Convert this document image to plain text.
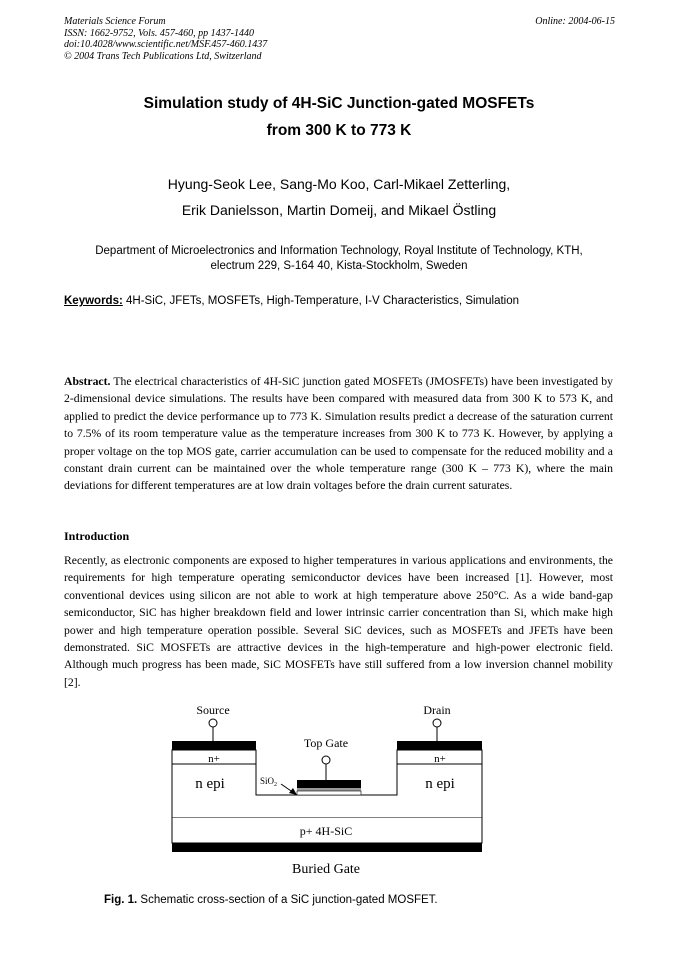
Materials Science Forum
ISSN: 1662-9752, Vols. 457-460, pp 1437-1440
doi:10.4028/www.scientific.net/MSF.457-460.1437
© 2004 Trans Tech Publications Ltd, Switzerland
Online: 2004-06-15
Simulation study of 4H-SiC Junction-gated MOSFETs
from 300 K to 773 K
Hyung-Seok Lee, Sang-Mo Koo, Carl-Mikael Zetterling,
Erik Danielsson, Martin Domeij, and Mikael Östling
Department of Microelectronics and Information Technology, Royal Institute of Technology, KTH,
electrum 229, S-164 40, Kista-Stockholm, Sweden
Keywords: 4H-SiC, JFETs, MOSFETs, High-Temperature, I-V Characteristics, Simulation
Abstract. The electrical characteristics of 4H-SiC junction gated MOSFETs (JMOSFETs) have been investigated by 2-dimensional device simulations. The results have been compared with measured data from 300 K to 573 K, and applied to predict the device performance up to 773 K. Simulation results predict a decrease of the saturation current to 7.5% of its room temperature value as the temperature increases from 300 K to 773 K. However, by applying a proper voltage on the top MOS gate, carrier accumulation can be used to compensate for the reduced mobility and a constant drain current can be maintained over the whole temperature range (300 K – 773 K), where the main deviations for different temperatures are at low drain voltages before the drain current saturates.
Introduction
Recently, as electronic components are exposed to higher temperatures in various applications and environments, the requirements for high temperature operating semiconductor devices have been increased [1]. However, most conventional devices using silicon are not able to work at high temperature above 250°C. As a wide band-gap semiconductor, SiC has higher breakdown field and lower intrinsic carrier concentration than Si, which make high power and high temperature operation possible. Several SiC devices, such as MOSFETs and JFETs have been demonstrated. SiC MOSFETs are attractive devices in the high-temperature and high-power electronic field. Although much progress has been made, SiC MOSFETs have still suffered from a low inversion channel mobility [2].
Source	Drain
Top Gate
n+	n+
n epi	n epi
SiO$_2$
p+ 4H-SiC
Buried Gate
Fig. 1. Schematic cross-section of a SiC junction-gated MOSFET.
